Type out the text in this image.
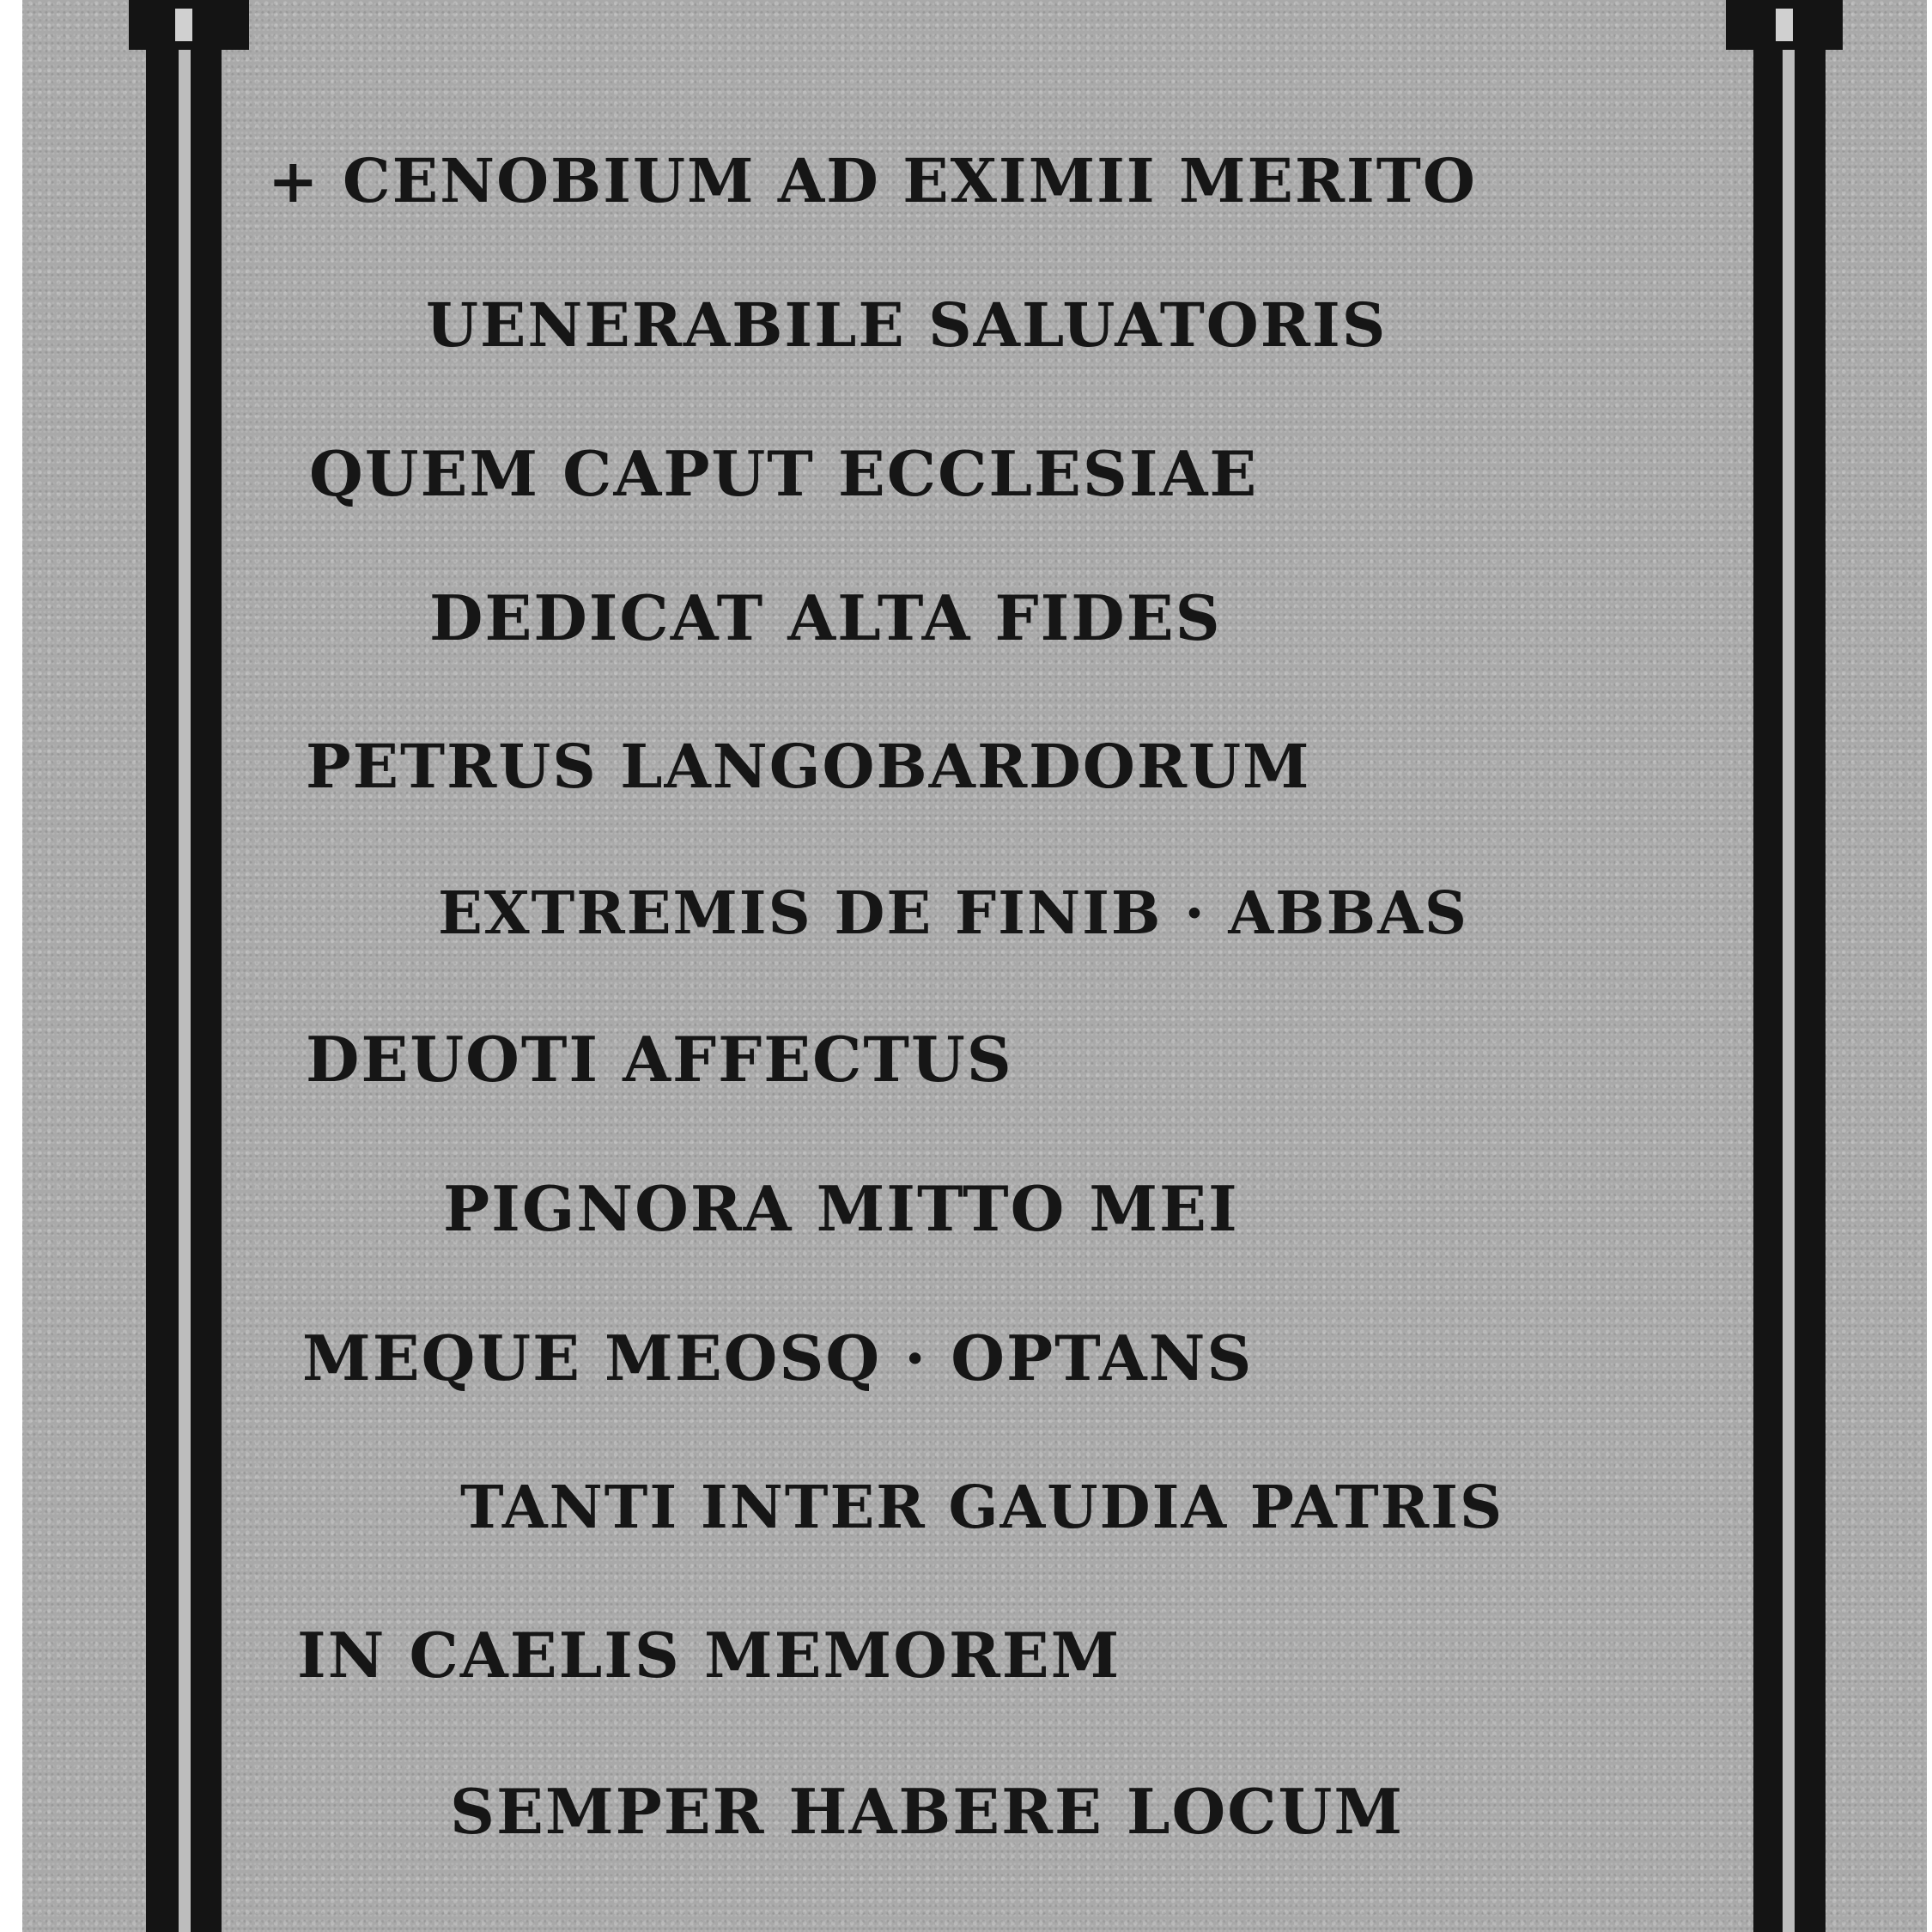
+ CENOBIUM AD EXIMII MERITO
UENERABILE SALUATORIS
QUEM CAPUT ECCLESIAE
DEDICAT ALTA FIDES
PETRUS LANGOBARDORUM
EXTREMIS DE FINIB · ABBAS
DEUOTI AFFECTUS
PIGNORA MITTO MEI
MEQUE MEOSQ · OPTANS
TANTI INTER GAUDIA PATRIS
IN CAELIS MEMOREM
SEMPER HABERE LOCUM
